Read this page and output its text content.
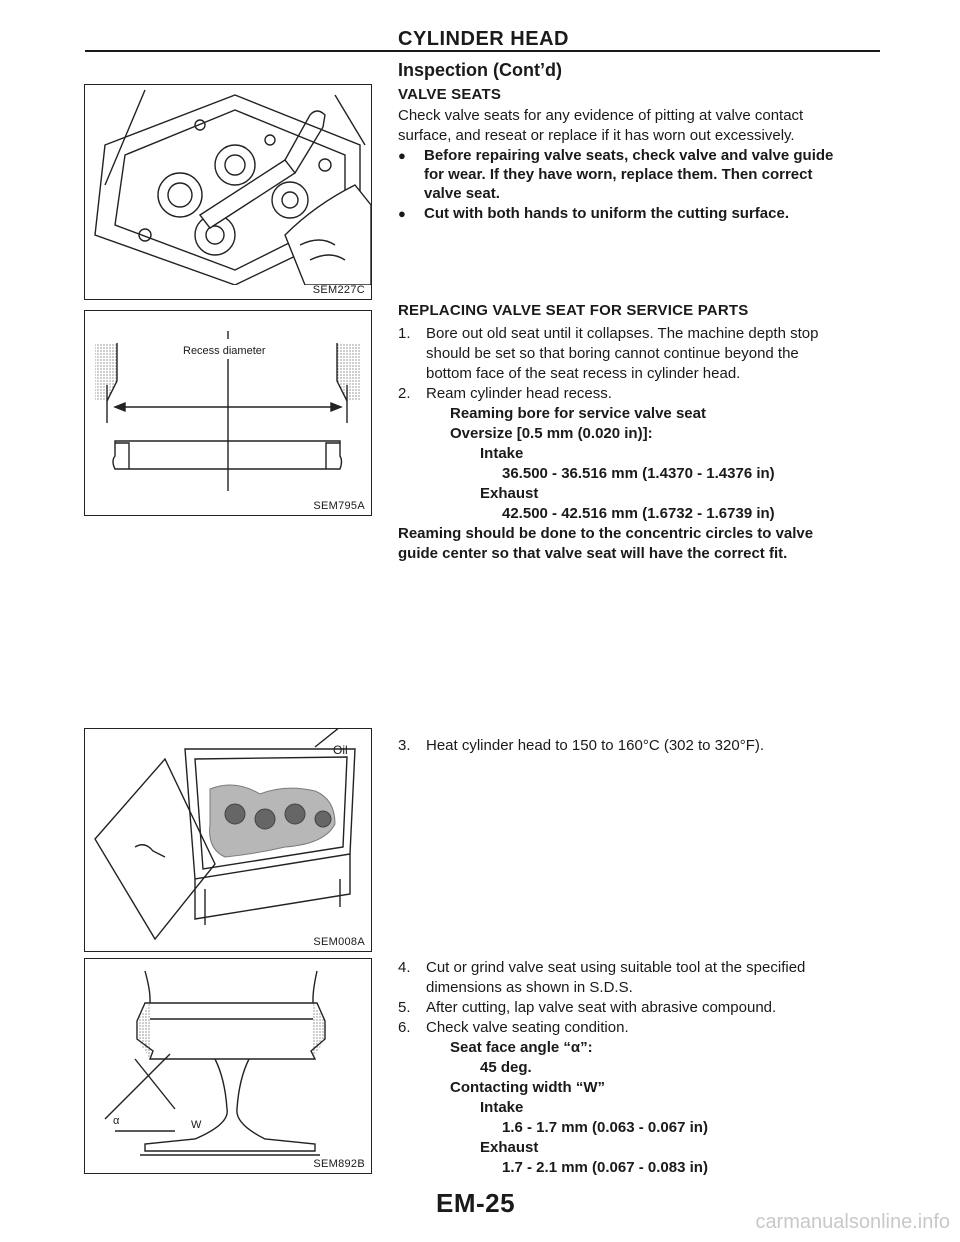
CYLINDER HEAD
SEM227C
Recess diameter
SEM795A
Oil
SEM008A
α	W
SEM892B
Inspection (Cont’d)
VALVE SEATS
Check valve seats for any evidence of pitting at valve contact
surface, and reseat or replace if it has worn out excessively.
●	Before repairing valve seats, check valve and valve guide
for wear. If they have worn, replace them. Then correct
valve seat.
●	Cut with both hands to uniform the cutting surface.
REPLACING VALVE SEAT FOR SERVICE PARTS
1.	Bore out old seat until it collapses. The machine depth stop
should be set so that boring cannot continue beyond the
bottom face of the seat recess in cylinder head.
2.	Ream cylinder head recess.
Reaming bore for service valve seat
Oversize [0.5 mm (0.020 in)]:
Intake
36.500 - 36.516 mm (1.4370 - 1.4376 in)
Exhaust
42.500 - 42.516 mm (1.6732 - 1.6739 in)
Reaming should be done to the concentric circles to valve
guide center so that valve seat will have the correct fit.
3.	Heat cylinder head to 150 to 160°C (302 to 320°F).
4.	Cut or grind valve seat using suitable tool at the specified
dimensions as shown in S.D.S.
5.	After cutting, lap valve seat with abrasive compound.
6.	Check valve seating condition.
Seat face angle “α”:
45 deg.
Contacting width “W”
Intake
1.6 - 1.7 mm (0.063 - 0.067 in)
Exhaust
1.7 - 2.1 mm (0.067 - 0.083 in)
EM-25
carmanualsonline.info
